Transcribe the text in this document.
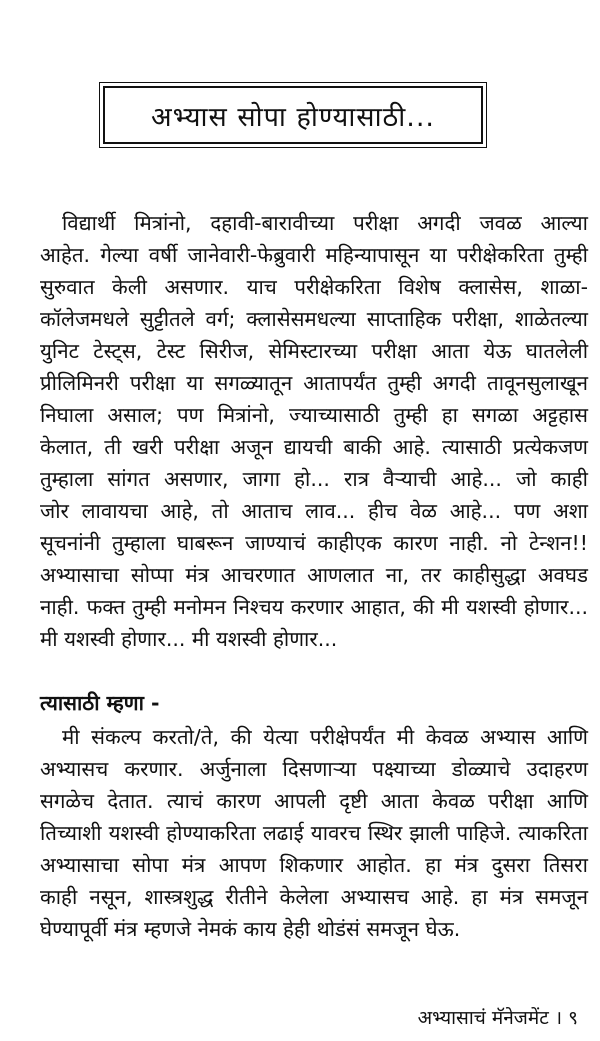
अभ्यास सोपा होण्यासाठी...
विद्यार्थी मित्रांनो, दहावी-बारावीच्या परीक्षा अगदी जवळ आल्या
आहेत. गेल्या वर्षी जानेवारी-फेब्रुवारी महिन्यापासून या परीक्षेकरिता तुम्ही
सुरुवात केली असणार. याच परीक्षेकरिता विशेष क्लासेस, शाळा-
कॉलेजमधले सुट्टीतले वर्ग; क्लासेसमधल्या साप्ताहिक परीक्षा, शाळेतल्या
युनिट टेस्ट्स, टेस्ट सिरीज, सेमिस्टारच्या परीक्षा आता येऊ घातलेली
प्रीलिमिनरी परीक्षा या सगळ्यातून आतापर्यंत तुम्ही अगदी तावूनसुलाखून
निघाला असाल; पण मित्रांनो, ज्याच्यासाठी तुम्ही हा सगळा अट्टहास
केलात, ती खरी परीक्षा अजून द्यायची बाकी आहे. त्यासाठी प्रत्येकजण
तुम्हाला सांगत असणार, जागा हो... रात्र वैऱ्याची आहे... जो काही
जोर लावायचा आहे, तो आताच लाव... हीच वेळ आहे... पण अशा
सूचनांनी तुम्हाला घाबरून जाण्याचं काहीएक कारण नाही. नो टेन्शन!!
अभ्यासाचा सोप्पा मंत्र आचरणात आणलात ना, तर काहीसुद्धा अवघड
नाही. फक्त तुम्ही मनोमन निश्चय करणार आहात, की मी यशस्वी होणार...
मी यशस्वी होणार... मी यशस्वी होणार...
त्यासाठी म्हणा -
मी संकल्प करतो/ते, की येत्या परीक्षेपर्यंत मी केवळ अभ्यास आणि
अभ्यासच करणार. अर्जुनाला दिसणाऱ्या पक्ष्याच्या डोळ्याचे उदाहरण
सगळेच देतात. त्याचं कारण आपली दृष्टी आता केवळ परीक्षा आणि
तिच्याशी यशस्वी होण्याकरिता लढाई यावरच स्थिर झाली पाहिजे. त्याकरिता
अभ्यासाचा सोपा मंत्र आपण शिकणार आहोत. हा मंत्र दुसरा तिसरा
काही नसून, शास्त्रशुद्ध रीतीने केलेला अभ्यासच आहे. हा मंत्र समजून
घेण्यापूर्वी मंत्र म्हणजे नेमकं काय हेही थोडंसं समजून घेऊ.
अभ्यासाचं मॅनेजमेंट । ९
